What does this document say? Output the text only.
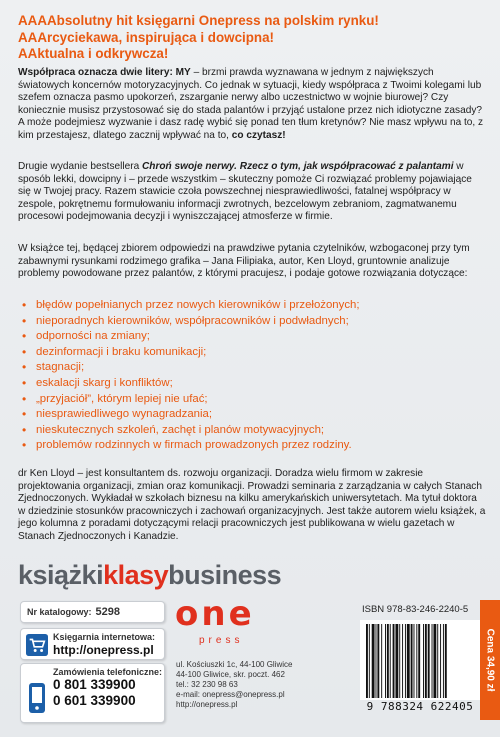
AAAAbsolutny hit księgarni Onepress na polskim rynku!
AAArcyciekawa, inspirująca i dowcipna!
AAktualna i odkrywcza!

Współpraca oznacza dwie litery: MY – brzmi prawda wyznawana w jednym z największych światowych koncernów motoryzacyjnych. Co jednak w sytuacji, kiedy współpraca z Twoimi kolegami lub szefem oznacza pasmo upokorzeń, zszarganie nerwy albo uczestnictwo w wojnie biurowej? Czy koniecznie musisz przystosować się do stada palantów i przyjąć ustalone przez nich idiotyczne zasady? A może podejmiesz wyzwanie i dasz radę wybić się ponad ten tłum kretynów? Nie masz wpływu na to, z kim przestajesz, dlatego zacznij wpływać na to, co czytasz!

Drugie wydanie bestsellera Chroń swoje nerwy. Rzecz o tym, jak współpracować z palantami w sposób lekki, dowcipny i – przede wszystkim – skuteczny pomoże Ci rozwiązać problemy pojawiające się w Twojej pracy. Razem stawicie czoła powszechnej niesprawiedliwości, fatalnej współpracy w zespole, pokrętnemu formułowaniu informacji zwrotnych, bezcelowym zebraniom, zagmatwanemu procesowi podejmowania decyzji i wyniszczającej atmosferze w firmie.

W książce tej, będącej zbiorem odpowiedzi na prawdziwe pytania czytelników, wzbogaconej przy tym zabawnymi rysunkami rodzimego grafika – Jana Filipiaka, autor, Ken Lloyd, gruntownie analizuje problemy powodowane przez palantów, z którymi pracujesz, i podaje gotowe rozwiązania dotyczące:

• błędów popełnianych przez nowych kierowników i przełożonych;
• nieporadnych kierowników, współpracowników i podwładnych;
• odporności na zmiany;
• dezinformacji i braku komunikacji;
• stagnacji;
• eskalacji skarg i konfliktów;
• „przyjaciół”, którym lepiej nie ufać;
• niesprawiedliwego wynagradzania;
• nieskutecznych szkoleń, zachęt i planów motywacyjnych;
• problemów rodzinnych w firmach prowadzonych przez rodziny.

dr Ken Lloyd – jest konsultantem ds. rozwoju organizacji. Doradza wielu firmom w zakresie projektowania organizacji, zmian oraz komunikacji. Prowadzi seminaria z zarządzania w całych Stanach Zjednoczonych. Wykładał w szkołach biznesu na kilku amerykańskich uniwersytetach. Ma tytuł doktora w dziedzinie stosunków pracowniczych i zachowań organizacyjnych. Jest także autorem wielu książek, a jego kolumna z poradami dotyczącymi relacji pracowniczych jest publikowana w wielu gazetach w Stanach Zjednoczonych i Kanadzie.

książkiklasybusiness
Nr katalogowy: 5298
Księgarnia internetowa:
http://onepress.pl
Zamówienia telefoniczne:
0 801 339900
0 601 339900
one
press
ul. Kościuszki 1c, 44-100 Gliwice
44-100 Gliwice, skr. poczt. 462
tel.: 32 230 98 63
e-mail: onepress@onepress.pl
http://onepress.pl
ISBN 978-83-246-2240-5
9 788324 622405
Cena 34,90 zł
